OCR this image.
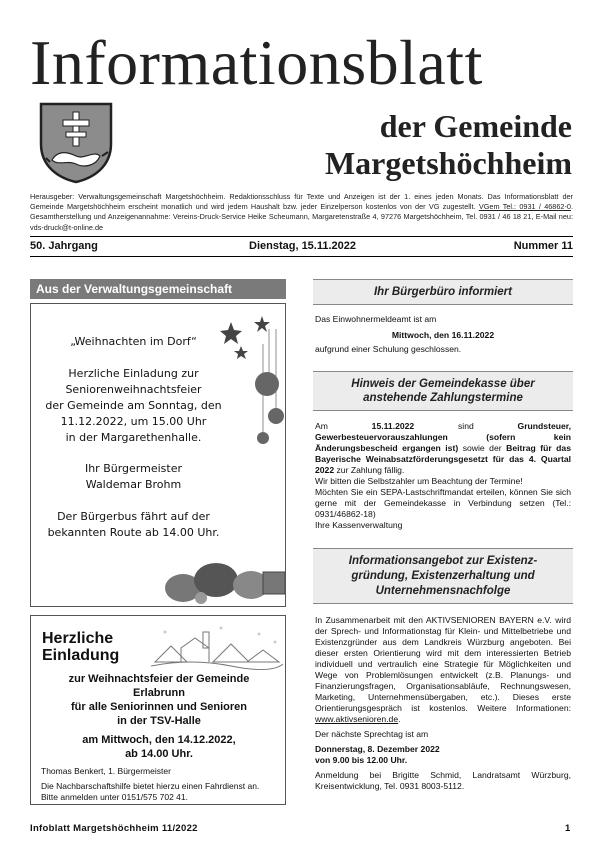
Informationsblatt
der Gemeinde
Margetshöchheim
Herausgeber: Verwaltungsgemeinschaft Margetshöchheim. Redaktionsschluss für Texte und Anzeigen ist der 1. eines jeden Monats. Das Informationsblatt der Gemeinde Margetshöchheim erscheint monatlich und wird jedem Haushalt bzw. jeder Einzelperson kostenlos von der VG zugestellt. VGem Tel.: 0931 / 46862-0. Gesamtherstellung und Anzeigenannahme: Vereins-Druck-Service Heike Scheumann, Margaretenstraße 4, 97276 Margetshöchheim, Tel. 0931 / 46 18 21, E-Mail neu: vds-druck@t-online.de
50. Jahrgang	Dienstag, 15.11.2022	Nummer 11
Aus der Verwaltungsgemeinschaft
„Weihnachten im Dorf“
Herzliche Einladung zur
Seniorenweihnachtsfeier
der Gemeinde am Sonntag, den
11.12.2022, um 15.00 Uhr
in der Margarethenhalle.
Ihr Bürgermeister
Waldemar Brohm
Der Bürgerbus fährt auf der
bekannten Route ab 14.00 Uhr.
Herzliche
Einladung
zur Weihnachtsfeier der Gemeinde
Erlabrunn
für alle Seniorinnen und Senioren
in der TSV-Halle
am Mittwoch, den 14.12.2022,
ab 14.00 Uhr.
Thomas Benkert, 1. Bürgermeister
Die Nachbarschaftshilfe bietet hierzu einen Fahrdienst an. Bitte anmelden unter 0151/575 702 41.
Ihr Bürgerbüro informiert

Das Einwohnermeldeamt ist am

Mittwoch, den 16.11.2022

aufgrund einer Schulung geschlossen.

Hinweis der Gemeindekasse über
anstehende Zahlungstermine

Am 15.11.2022 sind Grundsteuer, Gewerbesteuervorauszahlungen (sofern kein Änderungsbescheid ergangen ist) sowie der Beitrag für das Bayerische Weinabsatzförderungsgesetzt für das 4. Quartal 2022 zur Zahlung fällig.

Wir bitten die Selbstzahler um Beachtung der Termine!

Möchten Sie ein SEPA-Lastschriftmandat erteilen, können Sie sich gerne mit der Gemeindekasse in Verbindung setzen (Tel.: 0931/46862-18)

Ihre Kassenverwaltung

Informationsangebot zur Existenz-
gründung, Existenzerhaltung und
Unternehmensnachfolge

In Zusammenarbeit mit den AKTIVSENIOREN BAYERN e.V. wird der Sprech- und Informationstag für Klein- und Mittelbetriebe und Existenzgründer aus dem Landkreis Würzburg angeboten. Bei dieser ersten Orientierung wird mit dem interessierten Betrieb individuell und vertraulich eine Strategie für Möglichkeiten und Wege von Problemlösungen entwickelt (z.B. Planungs- und Finanzierungsfragen, Organisationsabläufe, Rechnungswesen, Marketing, Unternehmensübergaben, etc.). Dieses erste Orientierungsgespräch ist kostenlos. Weitere Informationen: www.aktivsenioren.de.

Der nächste Sprechtag ist am

Donnerstag, 8. Dezember 2022

von 9.00 bis 12.00 Uhr.

Anmeldung bei Brigitte Schmid, Landratsamt Würzburg, Kreisentwicklung, Tel. 0931 8003-5112.

Infoblatt Margetshöchheim 11/2022	1
